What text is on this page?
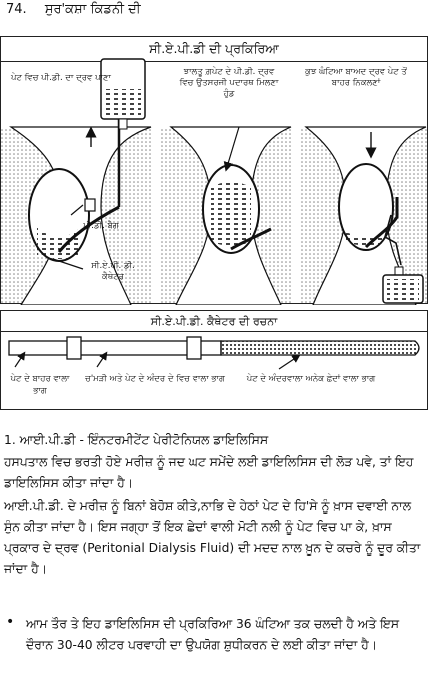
74. ਸੁਰ'ਕਸ਼ਾ ਕਿਡਨੀ ਦੀ
ਸੀ.ਏ.ਪੀ.ਡੀ ਦੀ ਪ੍ਰਕਿਰਿਆ
ਪੇਟ ਵਿਚ ਪੀ.ਡੀ. ਦਾ ਦ੍ਰਵ ਪਾਣਾ
ਝਾਲਤੂ ਗ਼ਪੇਟ ਦੇ ਪੀ.ਡੀ. ਦ੍ਰਵ ਵਿਚ ਉਤਸਰਜੀ ਪਦਾਰਥ ਮਿਲਣਾ ਹੁੰਡ
ਕੁਝ ਘੰਟਿਆ ਬਾਅਦ ਦ੍ਰਵ ਪੇਟ ਤੋਂ ਬਾਹਰ ਨਿਕਲਣਾਂ
ਪੀ.ਡੀ. ਬੈਗ
ਸੀ.ਏ.ਪੀ. ਡੀ. ਕੈਥੇਟਰ
ਸੀ.ਏ.ਪੀ.ਡੀ. ਕੈਥੇਟਰ ਦੀ ਰਚਨਾ
ਪੇਟ ਦੇ ਬਾਹਰ ਵਾਲਾ ਭਾਗ
ਚ'ਮੜੀ ਅਤੇ ਪੇਟ ਦੇ ਅੰਦਰ ਦੇ ਵਿਚ ਵਾਲਾ ਭਾਗ	ਪੇਟ ਦੇ ਅੰਦਰਵਾਲਾ ਅਨੇਕ ਛੇਦਾਂ ਵਾਲਾ ਭਾਗ
1. ਆਈ.ਪੀ.ਡੀ - ਇੰਨਟਰਮੀਟੇਂਟ ਪੇਰੀਟੋਨਿਯਲ ਡਾਇਲਿਸਿਸ
ਹਸਪਤਾਲ ਵਿਚ ਭਰਤੀ ਹੋਏ ਮਰੀਜ਼ ਨੂੰ ਜਦ ਘਟ ਸਮੇਂਦੇ ਲਈ ਡਾਇਲਿਸਿਸ ਦੀ ਲੋੜ ਪਵੇ, ਤਾਂ ਇਹ ਡਾਇਲਿਸਿਸ ਕੀਤਾ ਜਾਂਦਾ ਹੈ।
ਆਈ.ਪੀ.ਡੀ. ਦੇ ਮਰੀਜ਼ ਨੂੰ ਬਿਨਾਂ ਬੇਹੋਸ਼ ਕੀਤੇ,ਨਾਭਿ ਦੇ ਹੇਠਾਂ ਪੇਟ ਦੇ ਹਿ'ਸੇ ਨੂੰ ਖ਼ਾਸ ਦਵਾਈ ਨਾਲ ਸੁੰਨ ਕੀਤਾ ਜਾਂਦਾ ਹੈ। ਇਸ ਜਗ੍ਹਾ ਤੋਂ ਇਕ ਛੇਦਾਂ ਵਾਲੀ ਮੋਟੀ ਨਲੀ ਨੂੰ ਪੇਟ ਵਿਚ ਪਾ ਕੇ, ਖ਼ਾਸ ਪ੍ਰਕਾਰ ਦੇ ਦ੍ਰਵ (Peritonial Dialysis Fluid) ਦੀ ਮਦਦ ਨਾਲ ਖ਼ੂਨ ਦੇ ਕਚਰੇ ਨੂੰ ਦੂਰ ਕੀਤਾ ਜਾਂਦਾ ਹੈ।
• ਆਮ ਤੌਰ ਤੇ ਇਹ ਡਾਇਲਿਸਿਸ ਦੀ ਪ੍ਰਕਿਰਿਆ 36 ਘੰਟਿਆ ਤਕ ਚਲਦੀ ਹੈ ਅਤੇ ਇਸ ਦੌਰਾਨ 30-40 ਲੀਟਰ ਪਰਵਾਹੀ ਦਾ ਉਪਯੋਗ ਸ਼ੁਧੀਕਰਨ ਦੇ ਲਈ ਕੀਤਾ ਜਾਂਦਾ ਹੈ।
